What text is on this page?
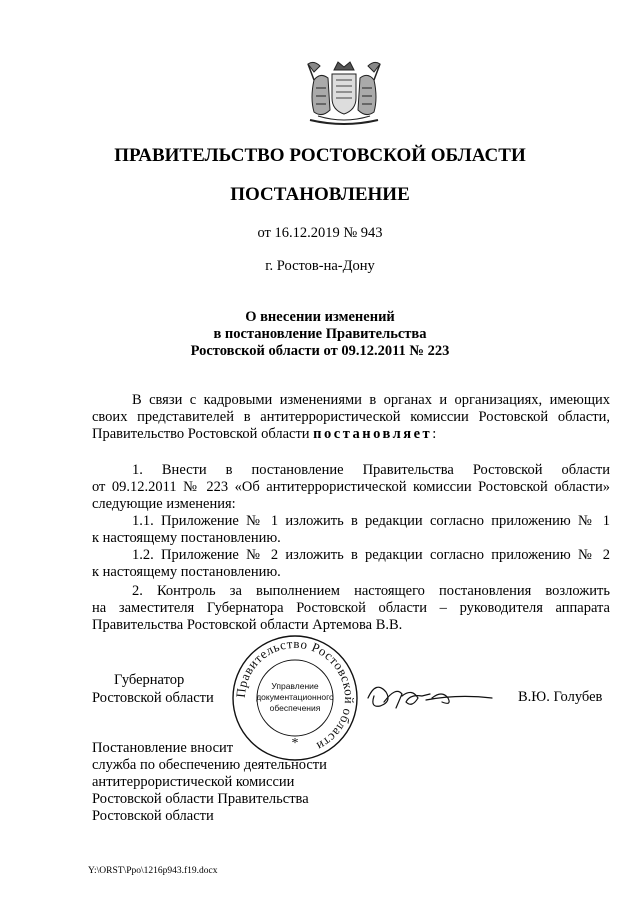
ПРАВИТЕЛЬСТВО РОСТОВСКОЙ ОБЛАСТИ
ПОСТАНОВЛЕНИЕ
от 16.12.2019 № 943
г. Ростов-на-Дону
О внесении изменений
в постановление Правительства
Ростовской области от 09.12.2011 № 223
В связи с кадровыми изменениями в органах и организациях, имеющих
своих представителей в антитеррористической комиссии Ростовской области,
Правительство Ростовской области постановляет:
1. Внести в постановление Правительства Ростовской области
от 09.12.2011 № 223 «Об антитеррористической комиссии Ростовской области»
следующие изменения:
1.1. Приложение № 1 изложить в редакции согласно приложению № 1
к настоящему постановлению.
1.2. Приложение № 2 изложить в редакции согласно приложению № 2
к настоящему постановлению.
2. Контроль за выполнением настоящего постановления возложить
на заместителя Губернатора Ростовской области – руководителя аппарата
Правительства Ростовской области Артемова В.В.
Губернатор
Ростовской области Правительство Ростовской области
Управление
документационного
обеспечения
*
В.Ю. Голубев
Постановление вносит
служба по обеспечению деятельности
антитеррористической комиссии
Ростовской области Правительства
Ростовской области
Y:\ORST\Ppo\1216p943.f19.docx
